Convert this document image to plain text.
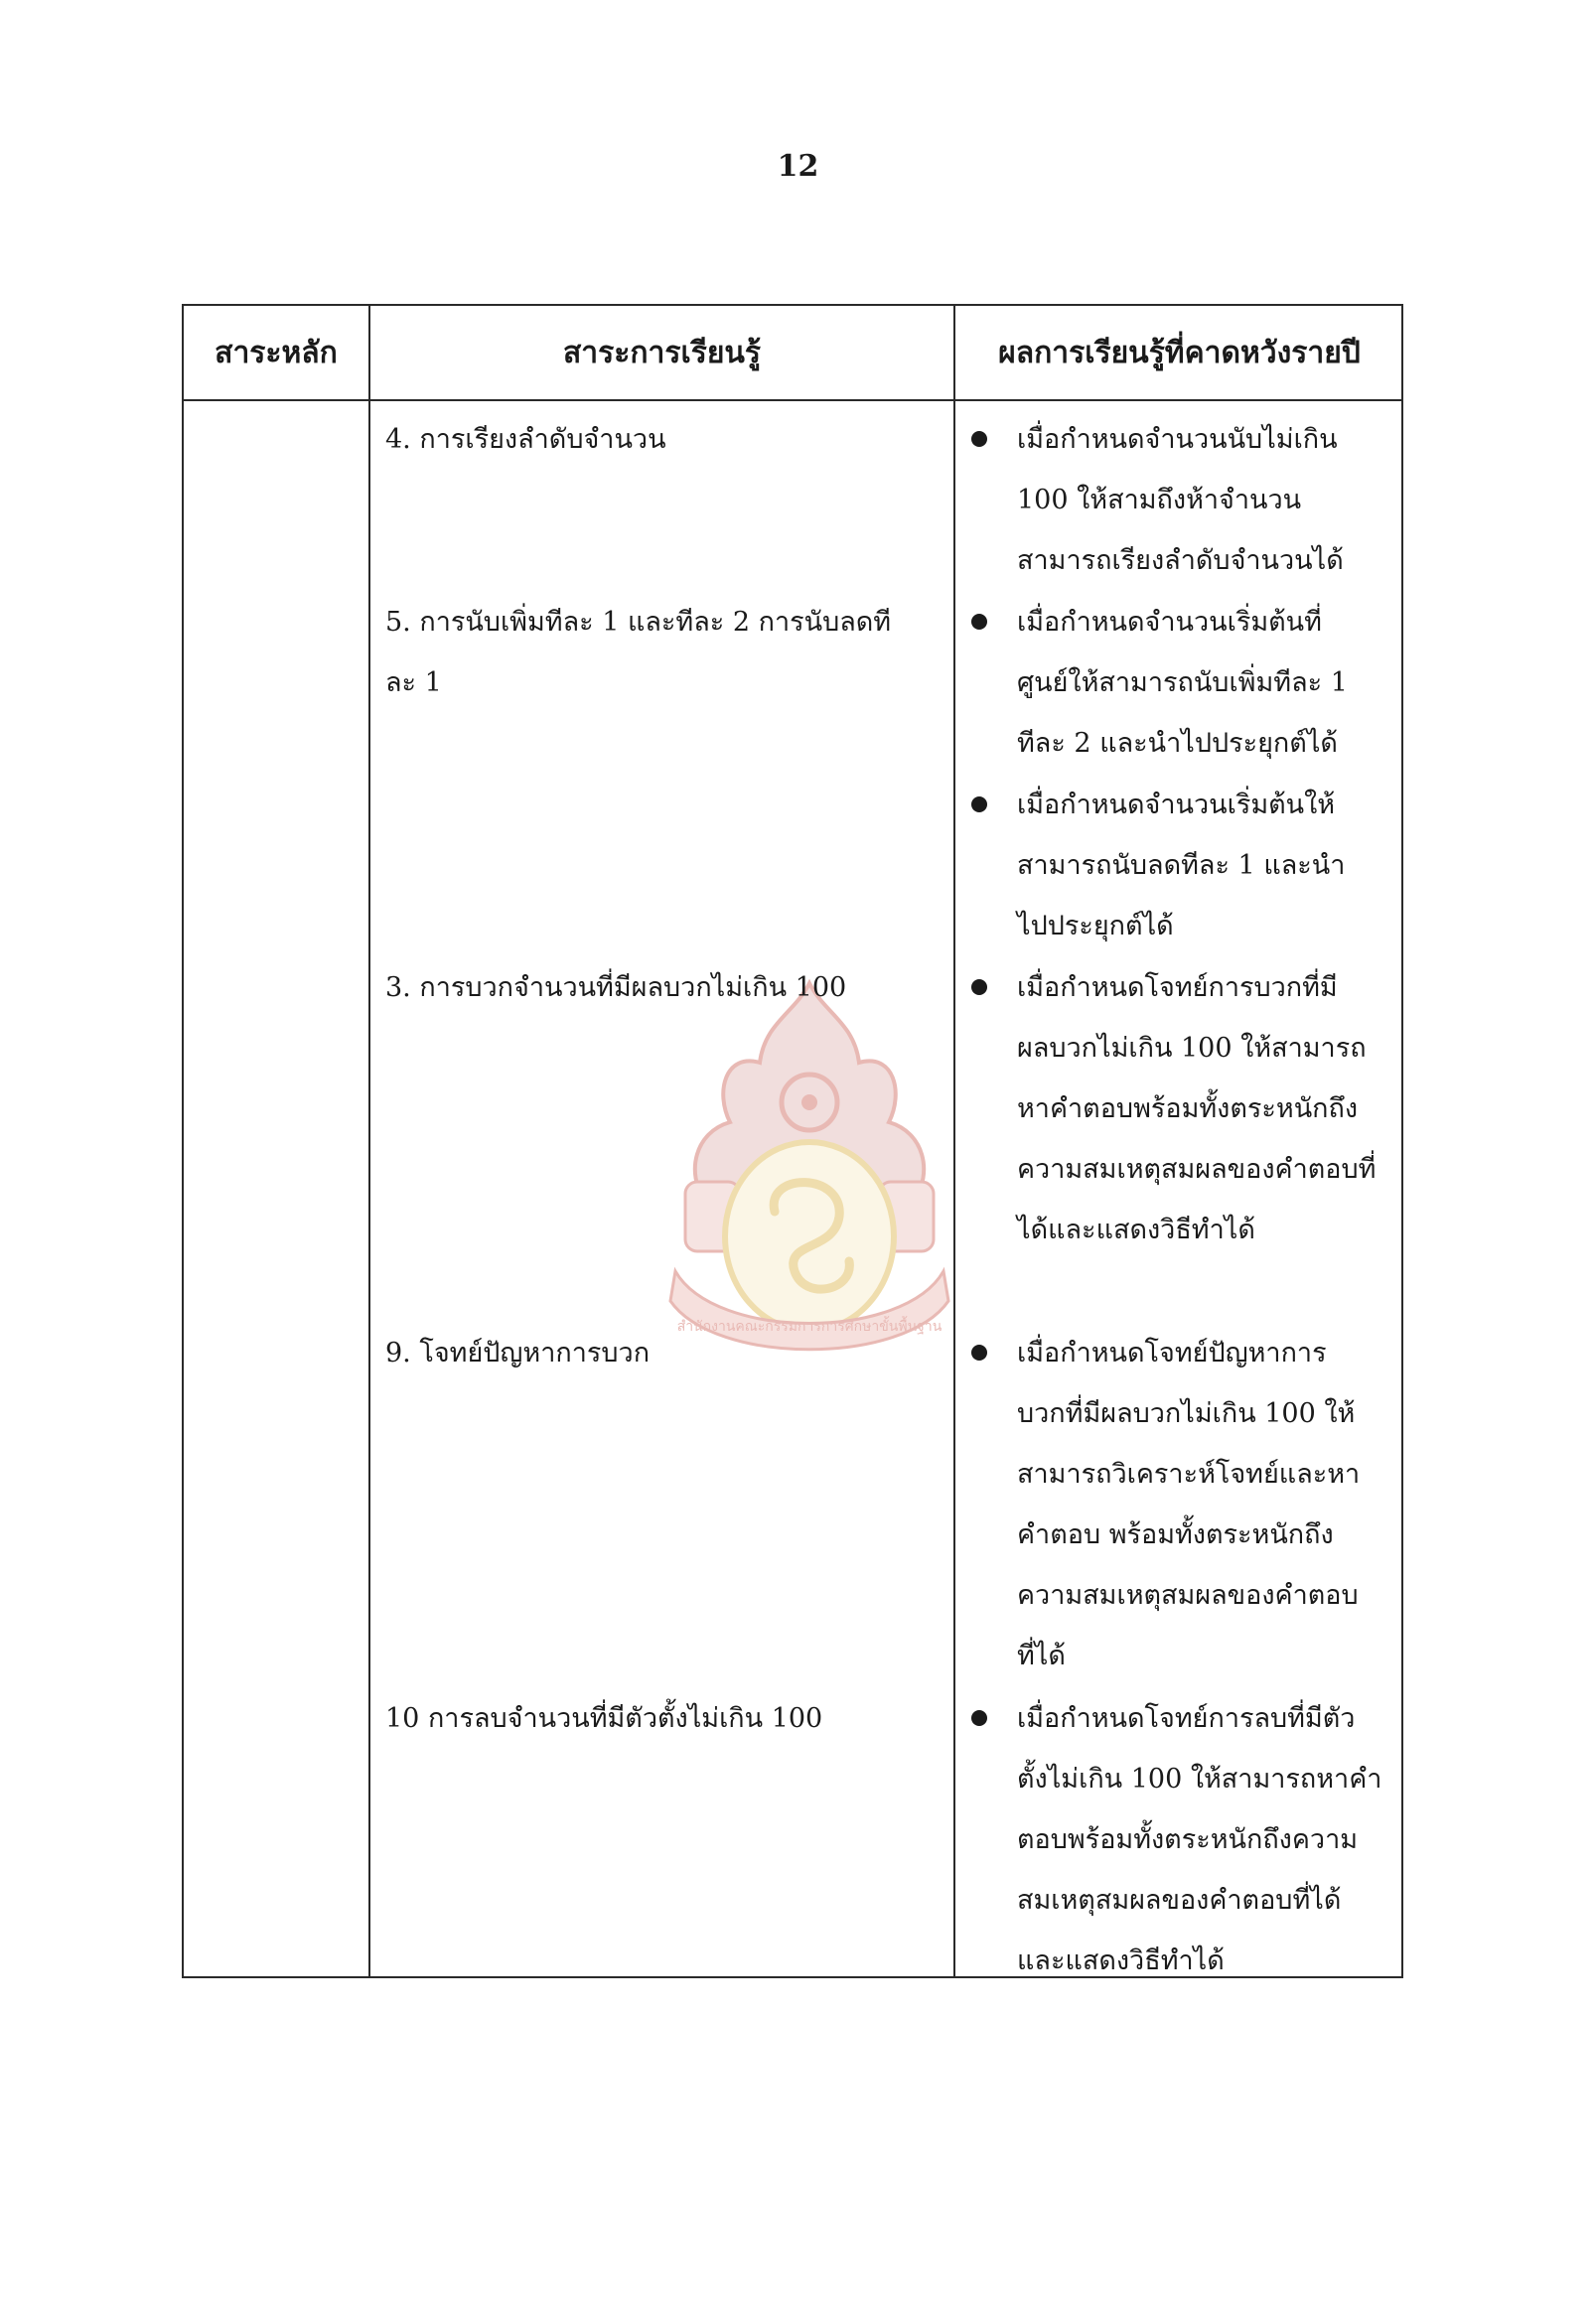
12
สำนักงานคณะกรรมการการศึกษาขั้นพื้นฐาน
สาระหลัก	สาระการเรียนรู้	ผลการเรียนรู้ที่คาดหวังรายปี
4. การเรียงลำดับจำนวน
5. การนับเพิ่มทีละ 1 และทีละ 2 การนับลดที
ละ 1
3. การบวกจำนวนที่มีผลบวกไม่เกิน 100
9. โจทย์ปัญหาการบวก
10 การลบจำนวนที่มีตัวตั้งไม่เกิน 100
เมื่อกำหนดจำนวนนับไม่เกิน
100 ให้สามถึงห้าจำนวน
สามารถเรียงลำดับจำนวนได้
เมื่อกำหนดจำนวนเริ่มต้นที่
ศูนย์ให้สามารถนับเพิ่มทีละ 1
ทีละ 2 และนำไปประยุกต์ได้
เมื่อกำหนดจำนวนเริ่มต้นให้
สามารถนับลดทีละ 1 และนำ
ไปประยุกต์ได้
เมื่อกำหนดโจทย์การบวกที่มี
ผลบวกไม่เกิน 100 ให้สามารถ
หาคำตอบพร้อมทั้งตระหนักถึง
ความสมเหตุสมผลของคำตอบที่
ได้และแสดงวิธีทำได้
เมื่อกำหนดโจทย์ปัญหาการ
บวกที่มีผลบวกไม่เกิน 100 ให้
สามารถวิเคราะห์โจทย์และหา
คำตอบ พร้อมทั้งตระหนักถึง
ความสมเหตุสมผลของคำตอบ
ที่ได้
เมื่อกำหนดโจทย์การลบที่มีตัว
ตั้งไม่เกิน 100 ให้สามารถหาคำ
ตอบพร้อมทั้งตระหนักถึงความ
สมเหตุสมผลของคำตอบที่ได้
และแสดงวิธีทำได้
